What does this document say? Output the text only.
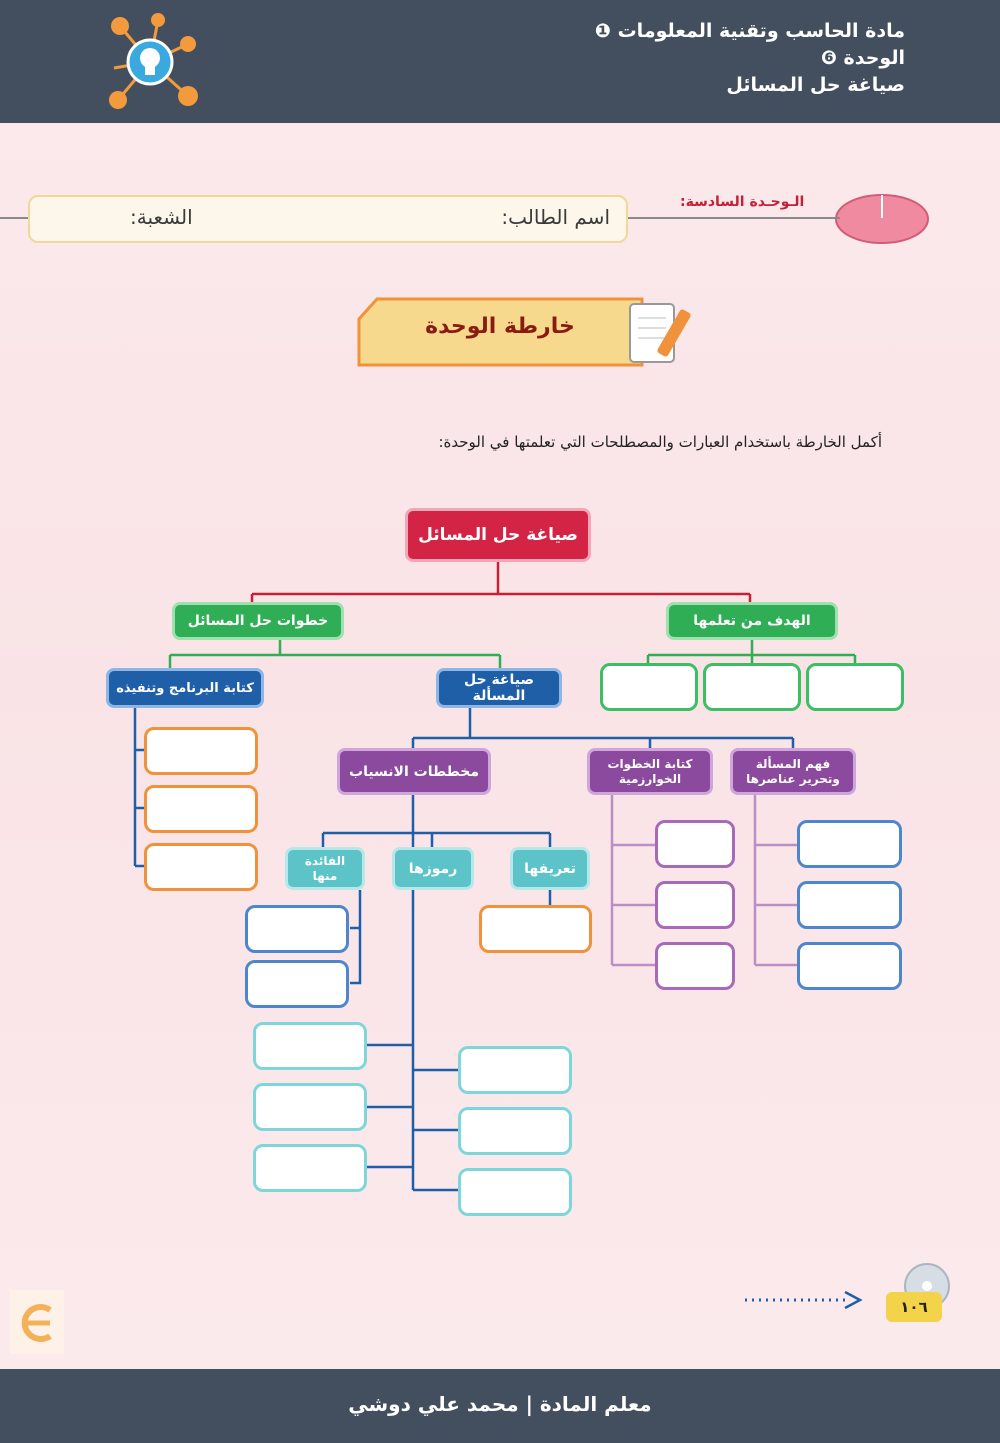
مادة الحاسب وتقنية المعلومات ❶
الوحدة ❻
صياغة حل المسائل
الـوحـدة السادسة:
اسم الطالب:
الشعبة:
خارطة الوحدة
أكمل الخارطة باستخدام العبارات والمصطلحات التي تعلمتها في الوحدة:
صياغة حل المسائل
الهدف من تعلمها
خطوات حل المسائل
صياغة حل المسألة
كتابة البرنامج وتنفيذه
فهم المسألة وتحرير عناصرها
كتابة الخطوات الخوارزمية
مخططات الانسياب
تعريفها
رموزها
الفائدة منها
١٠٦
معلم المادة | محمد علي دوشي
